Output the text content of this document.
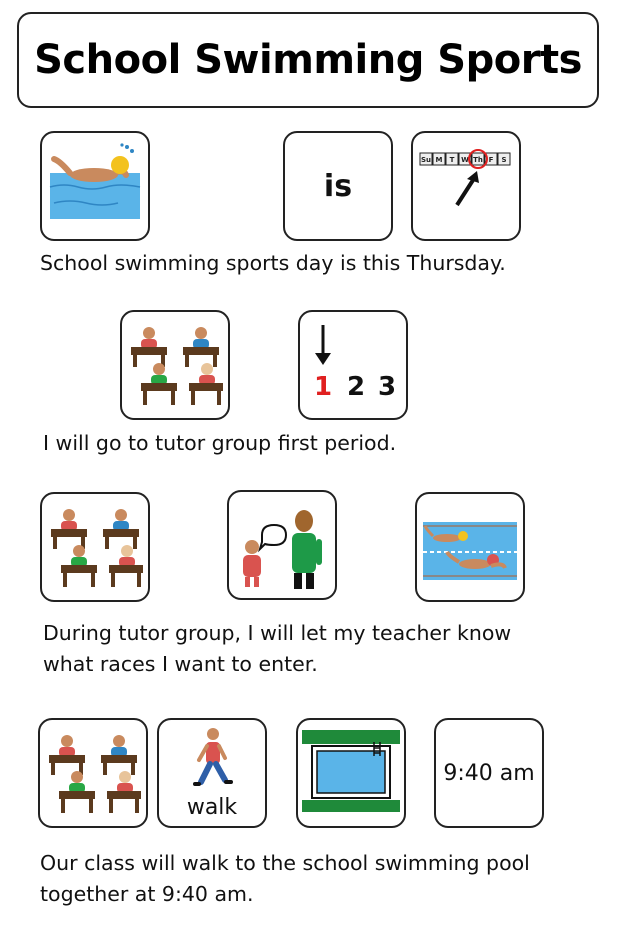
School Swimming Sports
is
Su M T W Th F S

School swimming sports day is this Thursday.

1 2 3

I will go to tutor group first period.

During tutor group, I will let my teacher know
what races I want to enter.

walk
9:40 am

Our class will walk to the school swimming pool
together at 9:40 am.
